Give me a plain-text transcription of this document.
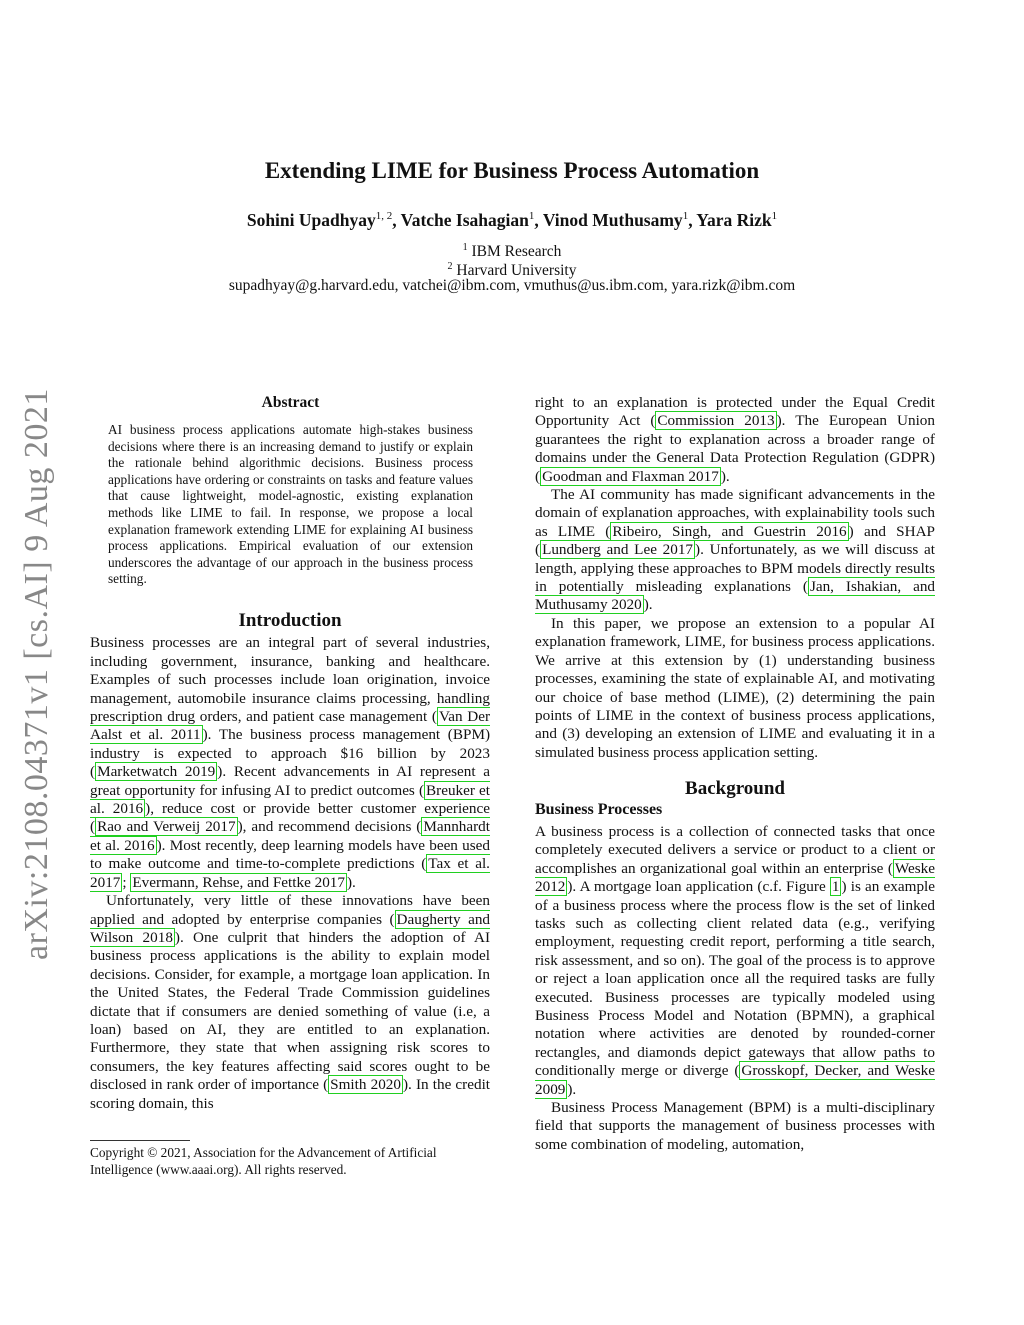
Extending LIME for Business Process Automation
Sohini Upadhyay$^{1, 2}$, Vatche Isahagian$^1$, Vinod Muthusamy$^1$, Yara Rizk$^1$
$^1$ IBM Research
$^2$ Harvard University
supadhyay@g.harvard.edu, vatchei@ibm.com, vmuthus@us.ibm.com, yara.rizk@ibm.com
arXiv:2108.04371v1 [cs.AI] 9 Aug 2021	Abstract
AI business process applications automate high-stakes business decisions where there is an increasing demand to justify or explain the rationale behind algorithmic decisions. Business process applications have ordering or constraints on tasks and feature values that cause lightweight, model-agnostic, existing explanation methods like LIME to fail. In response, we propose a local explanation framework extending LIME for explaining AI business process applications. Empirical evaluation of our extension underscores the advantage of our approach in the business process setting.
Introduction

Business processes are an integral part of several industries, including government, insurance, banking and healthcare. Examples of such processes include loan origination, invoice management, automobile insurance claims processing, handling prescription drug orders, and patient case management ( Van Der Aalst et al. 2011 ). The business process management (BPM) industry is expected to approach $16 billion by 2023 ( Marketwatch 2019 ). Recent advancements in AI represent a great opportunity for infusing AI to predict outcomes ( Breuker et al. 2016 ), reduce cost or provide better customer experience ( Rao and Verweij 2017 ), and recommend decisions ( Mannhardt et al. 2016 ). Most recently, deep learning models have been used to make outcome and time-to-complete predictions ( Tax et al. 2017 ; Evermann, Rehse, and Fettke 2017 ).

Unfortunately, very little of these innovations have been applied and adopted by enterprise companies ( Daugherty and Wilson 2018 ). One culprit that hinders the adoption of AI business process applications is the ability to explain model decisions. Consider, for example, a mortgage loan application. In the United States, the Federal Trade Commission guidelines dictate that if consumers are denied something of value (i.e, a loan) based on AI, they are entitled to an explanation. Furthermore, they state that when assigning risk scores to consumers, the key features affecting said scores ought to be disclosed in rank order of importance ( Smith 2020 ). In the credit scoring domain, this

Copyright © 2021, Association for the Advancement of Artificial Intelligence (www.aaai.org). All rights reserved.

right to an explanation is protected under the Equal Credit Opportunity Act ( Commission 2013 ). The European Union guarantees the right to explanation across a broader range of domains under the General Data Protection Regulation (GDPR) ( Goodman and Flaxman 2017 ).

The AI community has made significant advancements in the domain of explanation approaches, with explainability tools such as LIME ( Ribeiro, Singh, and Guestrin 2016 ) and SHAP ( Lundberg and Lee 2017 ). Unfortunately, as we will discuss at length, applying these approaches to BPM models directly results in potentially misleading explanations ( Jan, Ishakian, and Muthusamy 2020 ).

In this paper, we propose an extension to a popular AI explanation framework, LIME, for business process applications. We arrive at this extension by (1) understanding business processes, examining the state of explainable AI, and motivating our choice of base method (LIME), (2) determining the pain points of LIME in the context of business process applications, and (3) developing an extension of LIME and evaluating it in a simulated business process application setting.

Background
Business Processes

A business process is a collection of connected tasks that once completely executed delivers a service or product to a client or accomplishes an organizational goal within an enterprise ( Weske 2012 ). A mortgage loan application (c.f. Figure 1 ) is an example of a business process where the process flow is the set of linked tasks such as collecting client related data (e.g., verifying employment, requesting credit report, performing a title search, risk assessment, and so on). The goal of the process is to approve or reject a loan application once all the required tasks are fully executed. Business processes are typically modeled using Business Process Model and Notation (BPMN), a graphical notation where activities are denoted by rounded-corner rectangles, and diamonds depict gateways that allow paths to conditionally merge or diverge ( Grosskopf, Decker, and Weske 2009 ).

Business Process Management (BPM) is a multi-disciplinary field that supports the management of business processes with some combination of modeling, automation,
